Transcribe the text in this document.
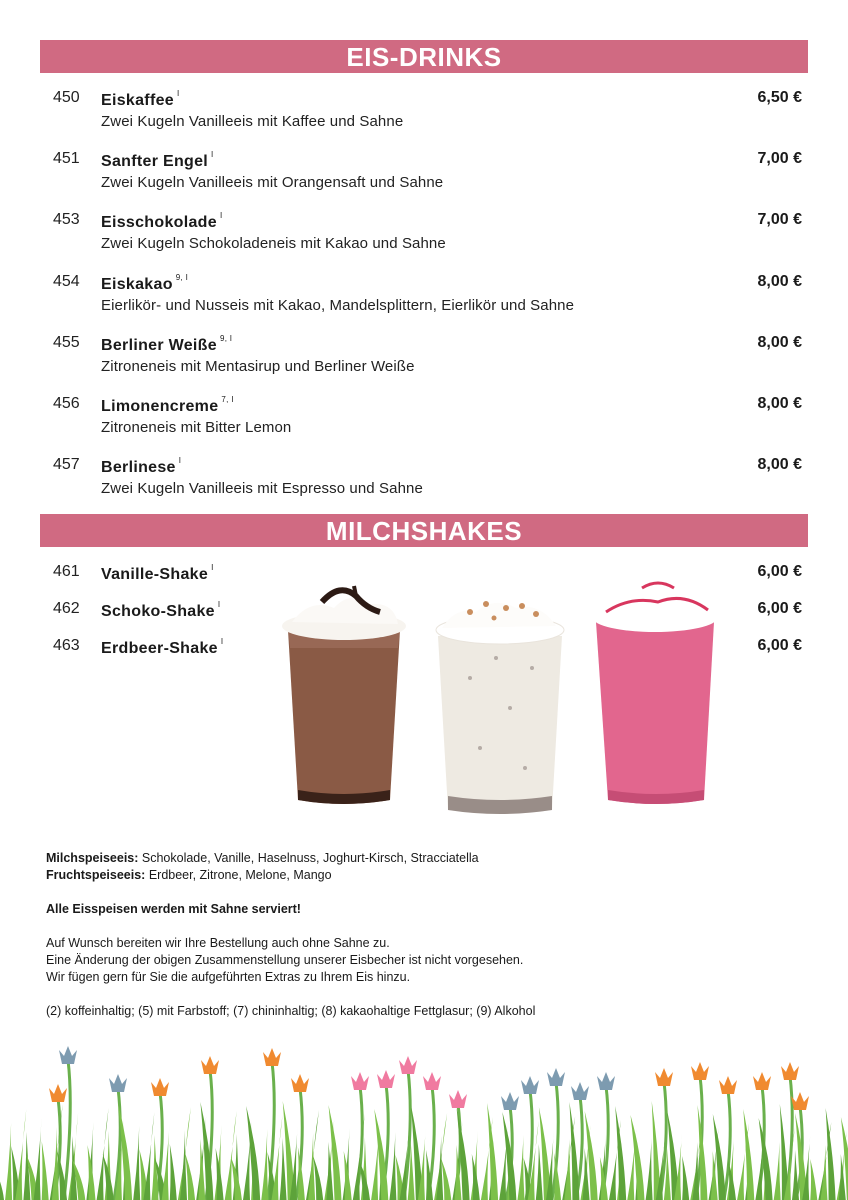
EIS-DRINKS
450 Eiskaffee $^I$
Zwei Kugeln Vanilleeis mit Kaffee und Sahne
6,50 €
451 Sanfter Engel $^I$
Zwei Kugeln Vanilleeis mit Orangensaft und Sahne
7,00 €
453 Eisschokolade $^I$
Zwei Kugeln Schokoladeneis mit Kakao und Sahne
7,00 €
454 Eiskakao $^{9, I}$
Eierlikör- und Nusseis mit Kakao, Mandelsplittern, Eierlikör und Sahne
8,00 €
455 Berliner Weiße $^{9, I}$
Zitroneneis mit Mentasirup und Berliner Weiße
8,00 €
456 Limonencreme $^{7, I}$
Zitroneneis mit Bitter Lemon
8,00 €
457 Berlinese $^I$
Zwei Kugeln Vanilleeis mit Espresso und Sahne
8,00 €
MILCHSHAKES
461 Vanille-Shake $^I$	6,00 €
462 Schoko-Shake $^I$	6,00 €
463 Erdbeer-Shake $^I$	6,00 €
Milchspeiseeis: Schokolade, Vanille, Haselnuss, Joghurt-Kirsch, Stracciatella
Fruchtspeiseeis: Erdbeer, Zitrone, Melone, Mango
Alle Eisspeisen werden mit Sahne serviert!
Auf Wunsch bereiten wir Ihre Bestellung auch ohne Sahne zu.
Eine Änderung der obigen Zusammenstellung unserer Eisbecher ist nicht vorgesehen.
Wir fügen gern für Sie die aufgeführten Extras zu Ihrem Eis hinzu.
(2) koffeinhaltig; (5) mit Farbstoff; (7) chininhaltig; (8) kakaohaltige Fettglasur; (9) Alkohol
